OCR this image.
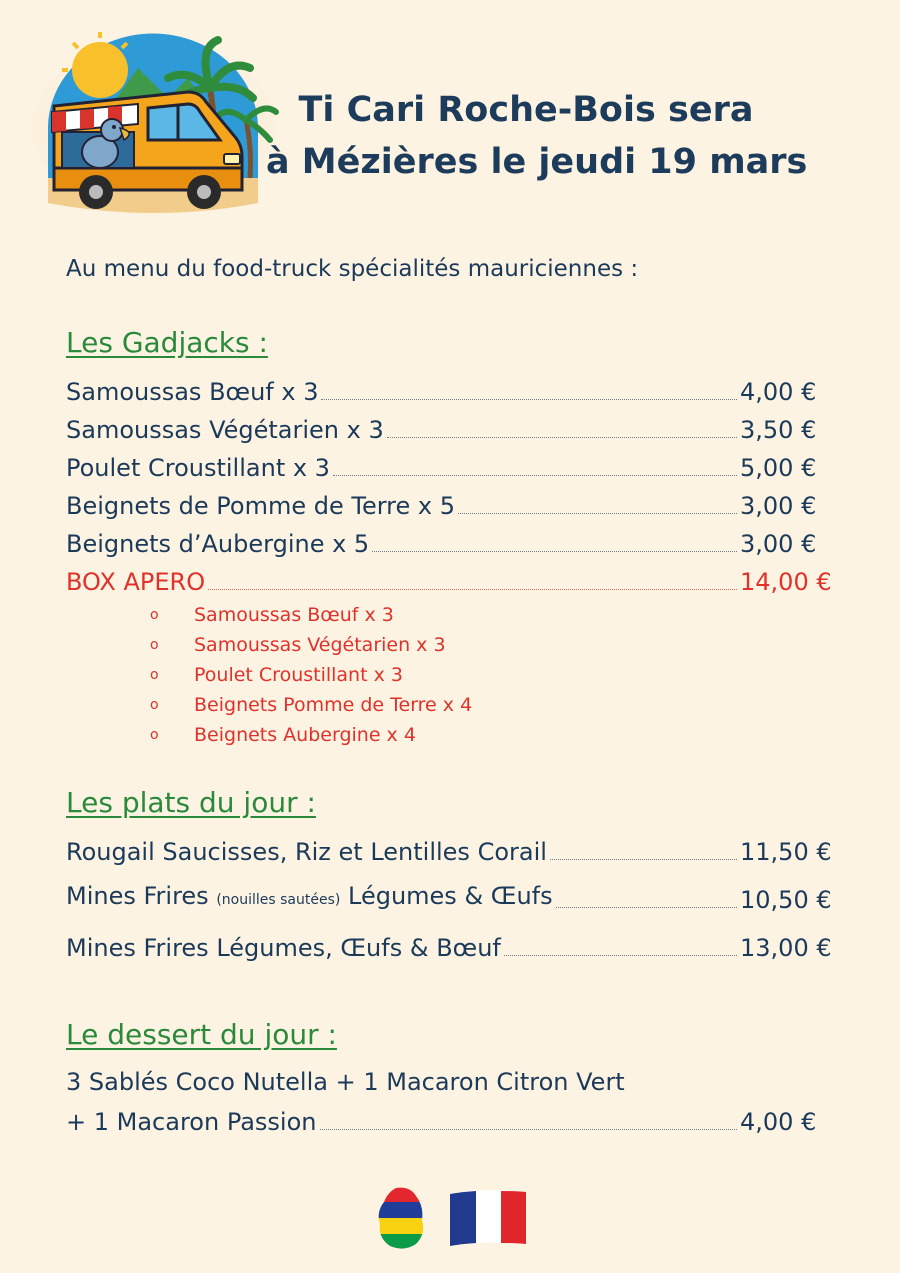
Ti Cari Roche-Bois sera
à Mézières le jeudi 19 mars
Au menu du food-truck spécialités mauriciennes :
Les Gadjacks :
Samoussas Bœuf x 3	4,00 €
Samoussas Végétarien x 3	3,50 €
Poulet Croustillant x 3	5,00 €
Beignets de Pomme de Terre x 5	3,00 €
Beignets d’Aubergine x 5	3,00 €
BOX APERO	14,00 €
o	Samoussas Bœuf x 3
o	Samoussas Végétarien x 3
o	Poulet Croustillant x 3
o	Beignets Pomme de Terre x 4
o	Beignets Aubergine x 4
Les plats du jour :
Rougail Saucisses, Riz et Lentilles Corail	11,50 €
Mines Frires (nouilles sautées) Légumes & Œufs	10,50 €
Mines Frires Légumes, Œufs & Bœuf	13,00 €
Le dessert du jour :
3 Sablés Coco Nutella + 1 Macaron Citron Vert
+ 1 Macaron Passion	4,00 €
